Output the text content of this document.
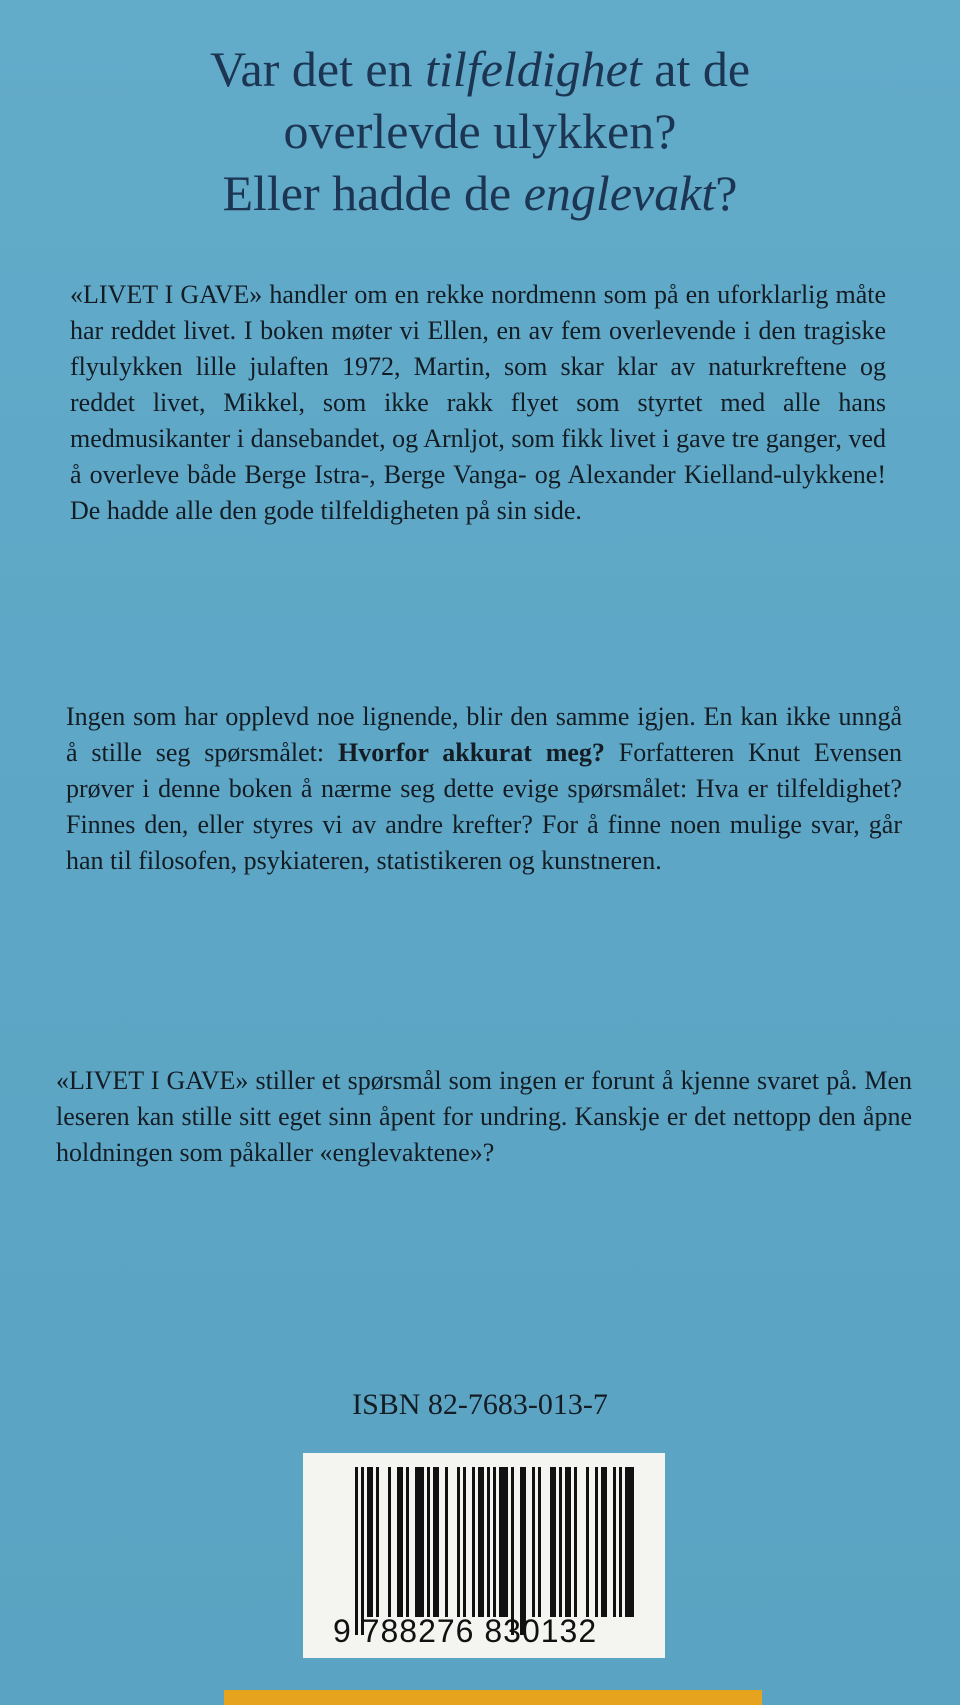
Var det en tilfeldighet at de
overlevde ulykken?
Eller hadde de englevakt?
«LIVET I GAVE» handler om en rekke nordmenn som på en uforklarlig måte har reddet livet. I boken møter vi Ellen, en av fem overlevende i den tragiske flyulykken lille julaften 1972, Martin, som skar klar av naturkreftene og reddet livet, Mikkel, som ikke rakk flyet som styrtet med alle hans medmusikanter i dansebandet, og Arnljot, som fikk livet i gave tre ganger, ved å overleve både Berge Istra-, Berge Vanga- og Alexander Kielland-ulykkene! De hadde alle den gode tilfeldigheten på sin side.
Ingen som har opplevd noe lignende, blir den samme igjen. En kan ikke unngå å stille seg spørsmålet: Hvorfor akkurat meg? Forfatteren Knut Evensen prøver i denne boken å nærme seg dette evige spørsmålet: Hva er tilfeldighet? Finnes den, eller styres vi av andre krefter? For å finne noen mulige svar, går han til filosofen, psykiateren, statistikeren og kunstneren.
«LIVET I GAVE» stiller et spørsmål som ingen er forunt å kjenne svaret på. Men leseren kan stille sitt eget sinn åpent for undring. Kanskje er det nettopp den åpne holdningen som påkaller «englevaktene»?
ISBN 82-7683-013-7
9 788276 830132
